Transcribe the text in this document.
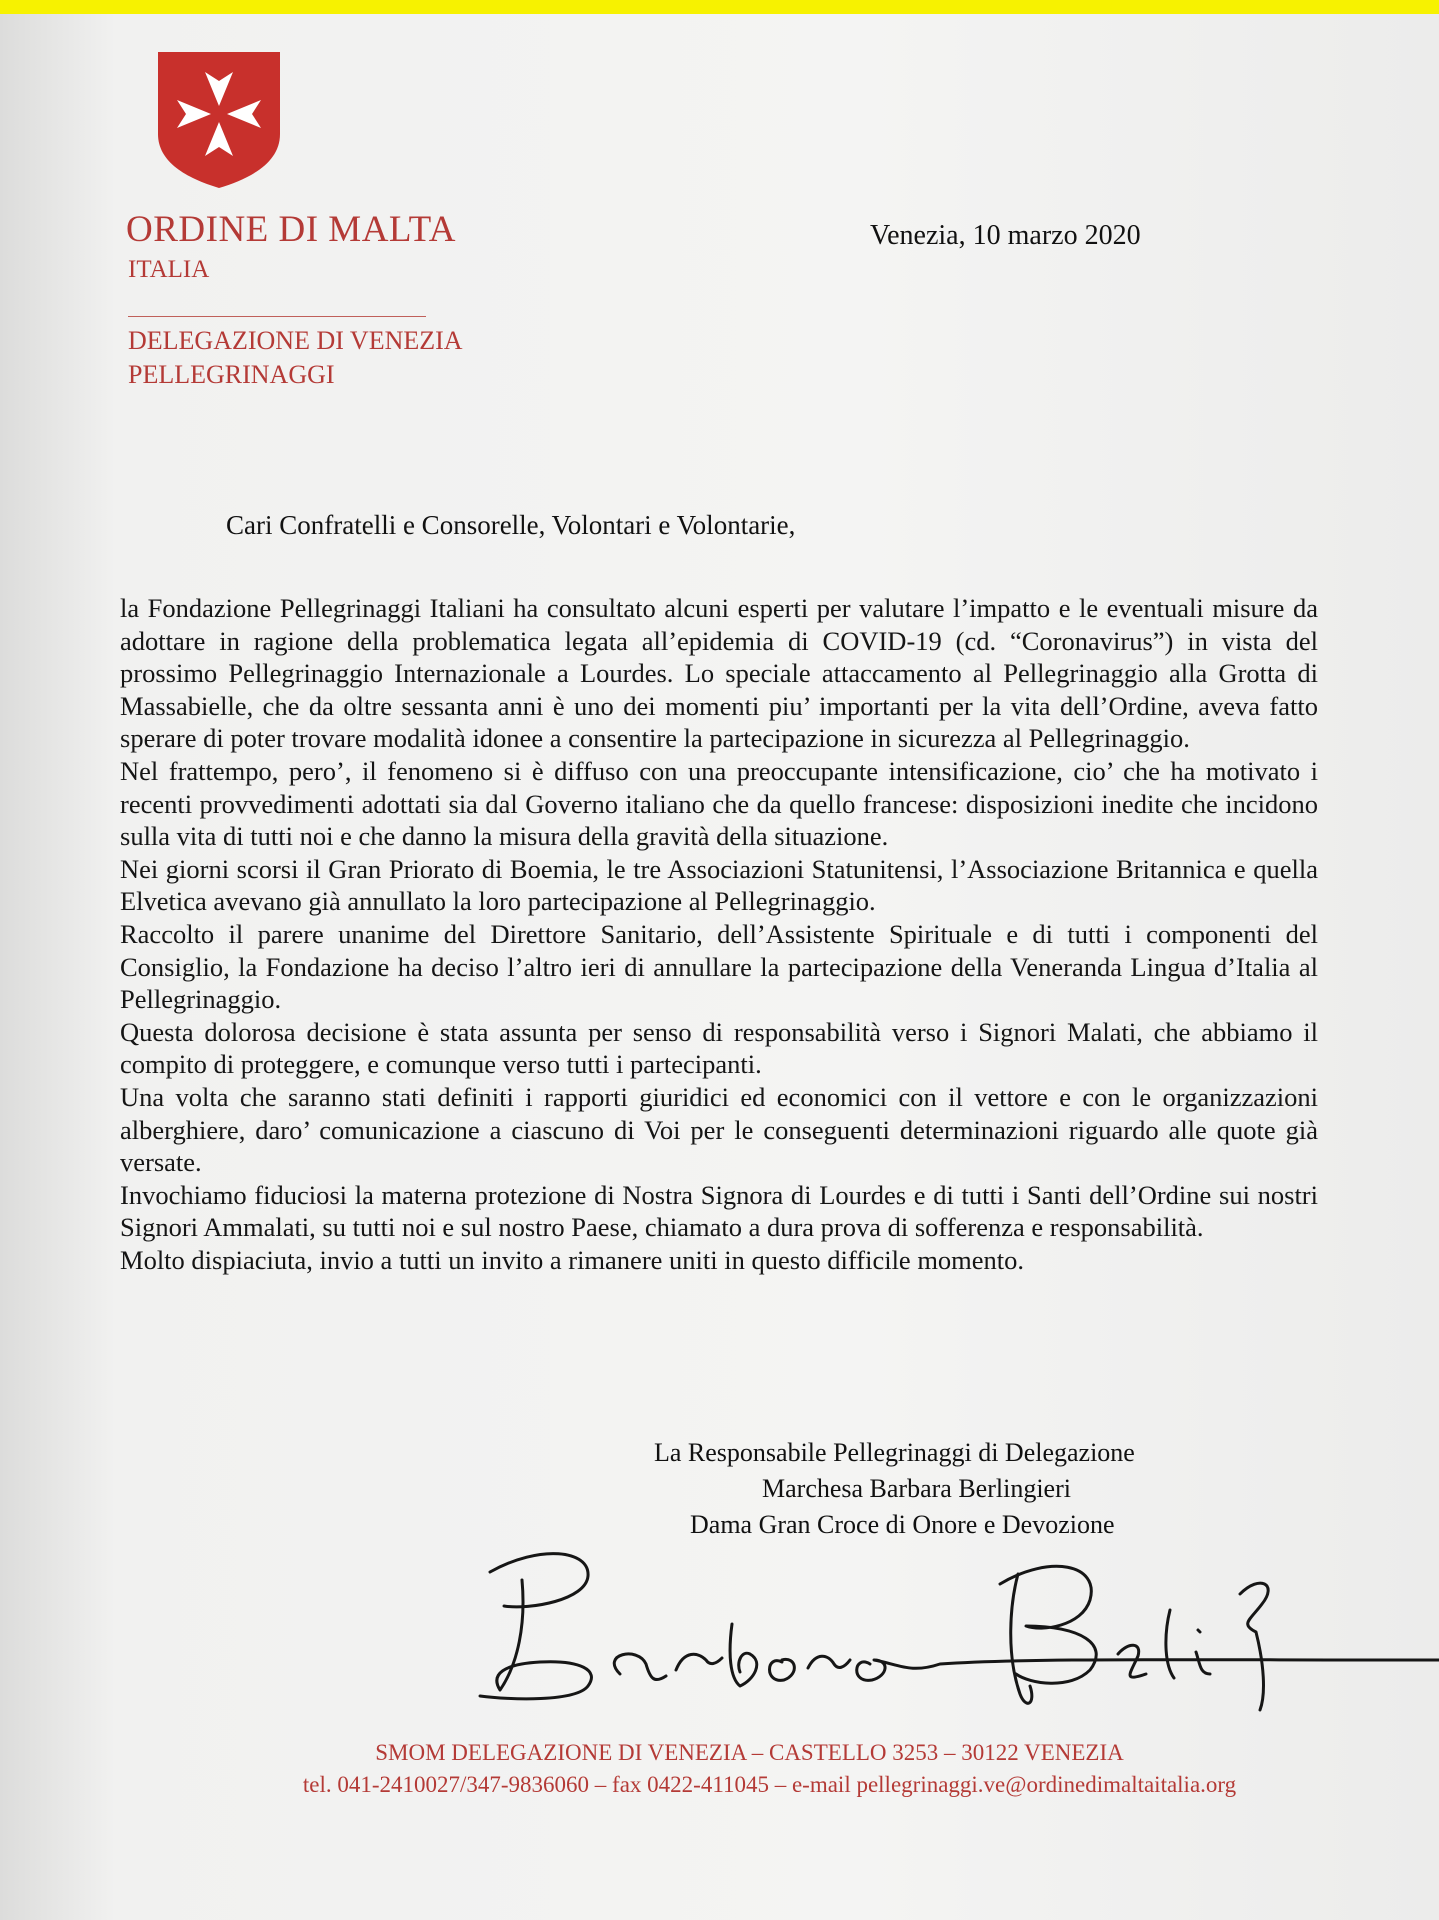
ORDINE DI MALTA
ITALIA
DELEGAZIONE DI VENEZIA
PELLEGRINAGGI
Venezia, 10 marzo 2020
Cari Confratelli e Consorelle, Volontari e Volontarie,

la Fondazione Pellegrinaggi Italiani ha consultato alcuni esperti per valutare l’impatto e le eventuali misure da adottare in ragione della problematica legata all’epidemia di COVID-19 (cd. “Coronavirus”) in vista del prossimo Pellegrinaggio Internazionale a Lourdes. Lo speciale attaccamento al Pellegrinaggio alla Grotta di Massabielle, che da oltre sessanta anni è uno dei momenti piu’ importanti per la vita dell’Ordine, aveva fatto sperare di poter trovare modalità idonee a consentire la partecipazione in sicurezza al Pellegrinaggio.

Nel frattempo, pero’, il fenomeno si è diffuso con una preoccupante intensificazione, cio’ che ha motivato i recenti provvedimenti adottati sia dal Governo italiano che da quello francese: disposizioni inedite che incidono sulla vita di tutti noi e che danno la misura della gravità della situazione.

Nei giorni scorsi il Gran Priorato di Boemia, le tre Associazioni Statunitensi, l’Associazione Britannica e quella Elvetica avevano già annullato la loro partecipazione al Pellegrinaggio.

Raccolto il parere unanime del Direttore Sanitario, dell’Assistente Spirituale e di tutti i componenti del Consiglio, la Fondazione ha deciso l’altro ieri di annullare la partecipazione della Veneranda Lingua d’Italia al Pellegrinaggio.

Questa dolorosa decisione è stata assunta per senso di responsabilità verso i Signori Malati, che abbiamo il compito di proteggere, e comunque verso tutti i partecipanti.

Una volta che saranno stati definiti i rapporti giuridici ed economici con il vettore e con le organizzazioni alberghiere, daro’ comunicazione a ciascuno di Voi per le conseguenti determinazioni riguardo alle quote già versate.

Invochiamo fiduciosi la materna protezione di Nostra Signora di Lourdes e di tutti i Santi dell’Ordine sui nostri Signori Ammalati, su tutti noi e sul nostro Paese, chiamato a dura prova di sofferenza e responsabilità.

Molto dispiaciuta, invio a tutti un invito a rimanere uniti in questo difficile momento.

La Responsabile Pellegrinaggi di Delegazione
Marchesa Barbara Berlingieri
Dama Gran Croce di Onore e Devozione
SMOM DELEGAZIONE DI VENEZIA – CASTELLO 3253 – 30122 VENEZIA
tel. 041-2410027/347-9836060 – fax 0422-411045 – e-mail pellegrinaggi.ve@ordinedimaltaitalia.org
